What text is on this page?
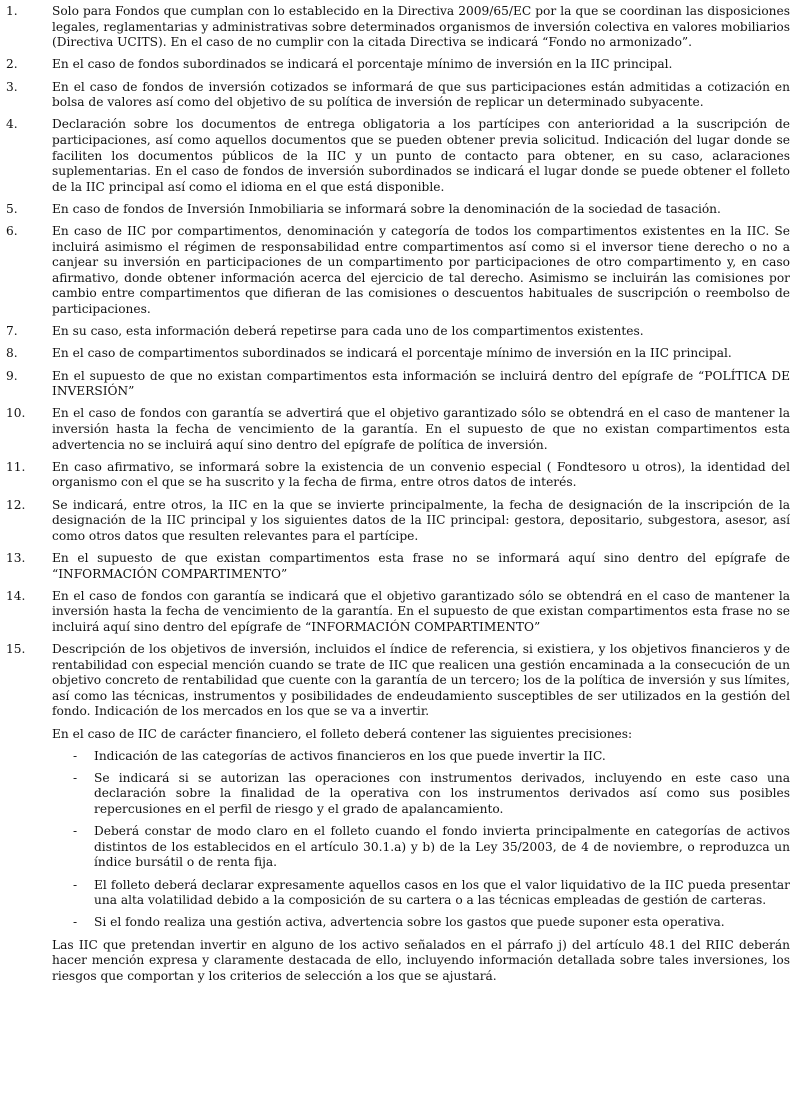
1.	Solo para Fondos que cumplan con lo establecido en la Directiva 2009/65/EC por la que se coordinan las disposiciones legales, reglamentarias y administrativas sobre determinados organismos de inversión colectiva en valores mobiliarios (Directiva UCITS). En el caso de no cumplir con la citada Directiva se indicará “Fondo no armonizado”.
2.	En el caso de fondos subordinados se indicará el porcentaje mínimo de inversión en la IIC principal.
3.	En el caso de fondos de inversión cotizados se informará de que sus participaciones están admitidas a cotización en bolsa de valores así como del objetivo de su política de inversión de replicar un determinado subyacente.
4.	Declaración sobre los documentos de entrega obligatoria a los partícipes con anterioridad a la suscripción de participaciones, así como aquellos documentos que se pueden obtener previa solicitud. Indicación del lugar donde se faciliten los documentos públicos de la IIC y un punto de contacto para obtener, en su caso, aclaraciones suplementarias. En el caso de fondos de inversión subordinados se indicará el lugar donde se puede obtener el folleto de la IIC principal así como el idioma en el que está disponible.
5.	En caso de fondos de Inversión Inmobiliaria se informará sobre la denominación de la sociedad de tasación.
6.	En caso de IIC por compartimentos, denominación y categoría de todos los compartimentos existentes en la IIC. Se incluirá asimismo el régimen de responsabilidad entre compartimentos así como si el inversor tiene derecho o no a canjear su inversión en participaciones de un compartimento por participaciones de otro compartimento y, en caso afirmativo, donde obtener información acerca del ejercicio de tal derecho. Asimismo se incluirán las comisiones por cambio entre compartimentos que difieran de las comisiones o descuentos habituales de suscripción o reembolso de participaciones.
7.	En su caso, esta información deberá repetirse para cada uno de los compartimentos existentes.
8.	En el caso de compartimentos subordinados se indicará el porcentaje mínimo de inversión en la IIC principal.
9.	En el supuesto de que no existan compartimentos esta información se incluirá dentro del epígrafe de “POLÍTICA DE INVERSIÓN”
10.	En el caso de fondos con garantía se advertirá que el objetivo garantizado sólo se obtendrá en el caso de mantener la inversión hasta la fecha de vencimiento de la garantía. En el supuesto de que no existan compartimentos esta advertencia no se incluirá aquí sino dentro del epígrafe de política de inversión.
11.	En caso afirmativo, se informará sobre la existencia de un convenio especial ( Fondtesoro u otros), la identidad del organismo con el que se ha suscrito y la fecha de firma, entre otros datos de interés.
12.	Se indicará, entre otros, la IIC en la que se invierte principalmente, la fecha de designación de la inscripción de la designación de la IIC principal y los siguientes datos de la IIC principal: gestora, depositario, subgestora, asesor, así como otros datos que resulten relevantes para el partícipe.
13.	En el supuesto de que existan compartimentos esta frase no se informará aquí sino dentro del epígrafe de “INFORMACIÓN COMPARTIMENTO”
14.	En el caso de fondos con garantía se indicará que el objetivo garantizado sólo se obtendrá en el caso de mantener la inversión hasta la fecha de vencimiento de la garantía. En el supuesto de que existan compartimentos esta frase no se incluirá aquí sino dentro del epígrafe de “INFORMACIÓN COMPARTIMENTO”
15.	Descripción de los objetivos de inversión, incluidos el índice de referencia, si existiera, y los objetivos financieros y de rentabilidad con especial mención cuando se trate de IIC que realicen una gestión encaminada a la consecución de un objetivo concreto de rentabilidad que cuente con la garantía de un tercero; los de la política de inversión y sus límites, así como las técnicas, instrumentos y posibilidades de endeudamiento susceptibles de ser utilizados en la gestión del fondo. Indicación de los mercados en los que se va a invertir.
En el caso de IIC de carácter financiero, el folleto deberá contener las siguientes precisiones:
- Indicación de las categorías de activos financieros en los que puede invertir la IIC.
- Se indicará si se autorizan las operaciones con instrumentos derivados, incluyendo en este caso una declaración sobre la finalidad de la operativa con los instrumentos derivados así como sus posibles repercusiones en el perfil de riesgo y el grado de apalancamiento.
- Deberá constar de modo claro en el folleto cuando el fondo invierta principalmente en categorías de activos distintos de los establecidos en el artículo 30.1.a) y b) de la Ley 35/2003, de 4 de noviembre, o reproduzca un índice bursátil o de renta fija.
- El folleto deberá declarar expresamente aquellos casos en los que el valor liquidativo de la IIC pueda presentar una alta volatilidad debido a la composición de su cartera o a las técnicas empleadas de gestión de carteras.
- Si el fondo realiza una gestión activa, advertencia sobre los gastos que puede suponer esta operativa.
Las IIC que pretendan invertir en alguno de los activo señalados en el párrafo j) del artículo 48.1 del RIIC deberán hacer mención expresa y claramente destacada de ello, incluyendo información detallada sobre tales inversiones, los riesgos que comportan y los criterios de selección a los que se ajustará.
